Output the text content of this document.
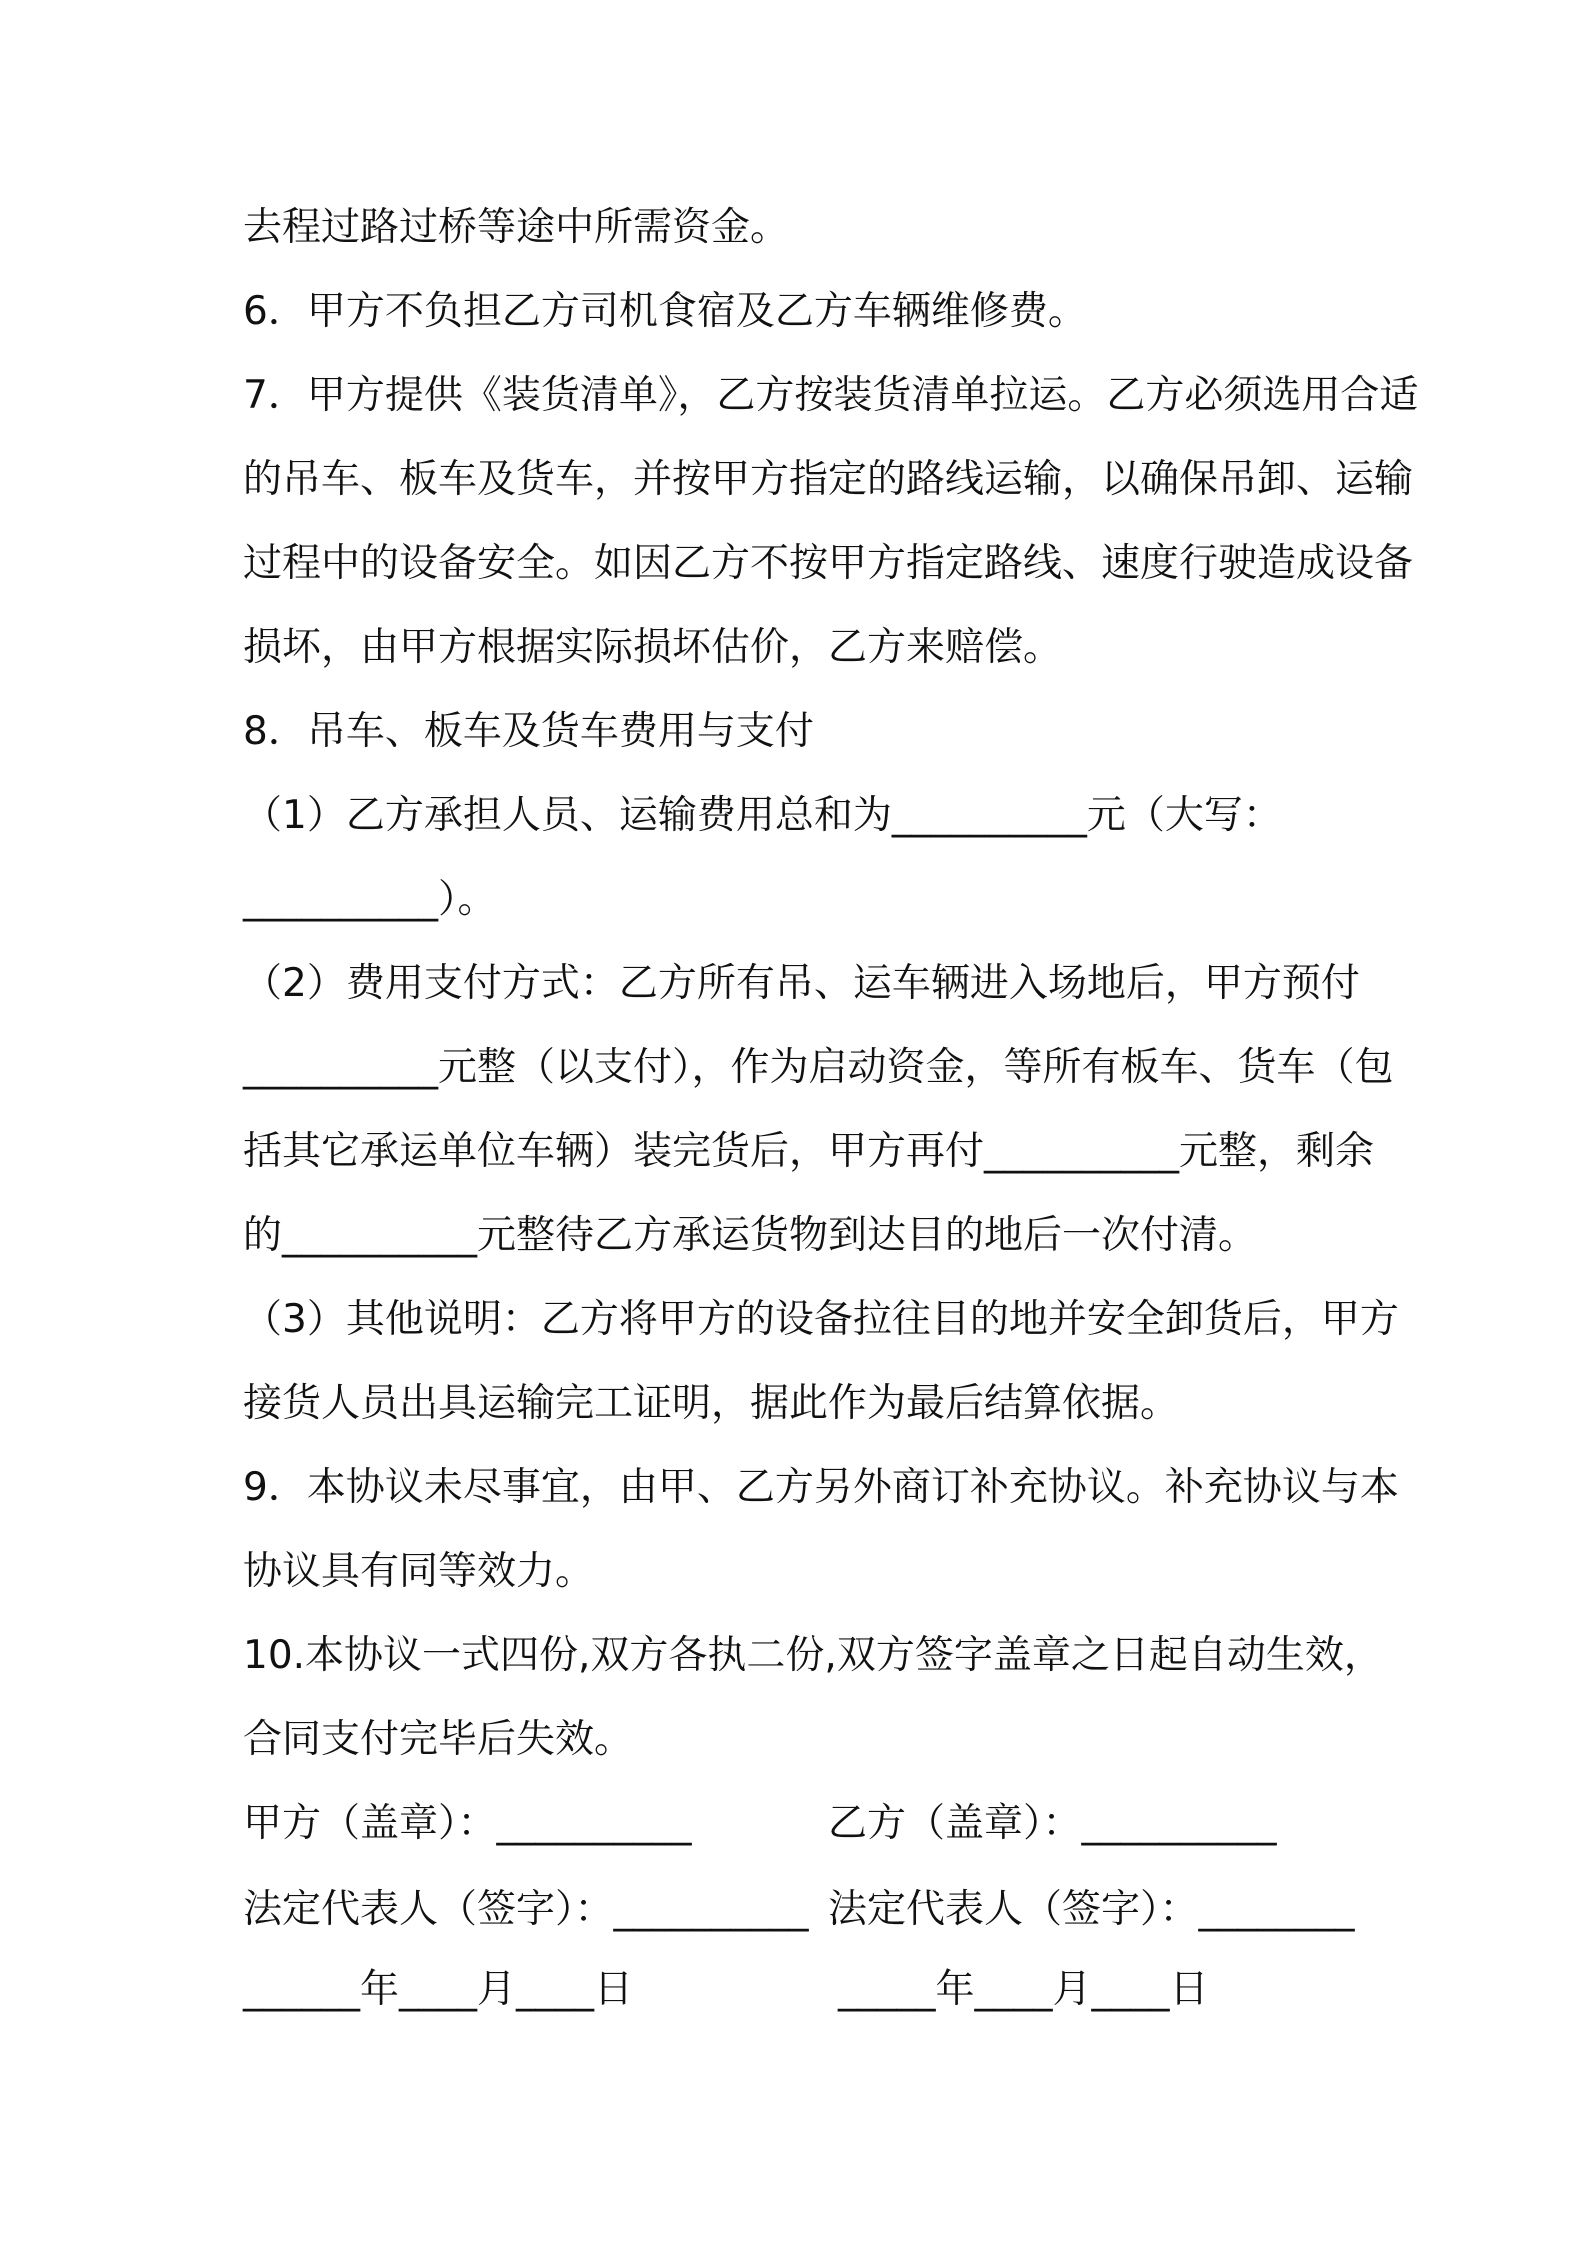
去程过路过桥等途中所需资金。
6．甲方不负担乙方司机食宿及乙方车辆维修费。
7．甲方提供《装货清单》，乙方按装货清单拉运。乙方必须选用合适
的吊车、板车及货车，并按甲方指定的路线运输，以确保吊卸、运输
过程中的设备安全。如因乙方不按甲方指定路线、速度行驶造成设备
损坏，由甲方根据实际损坏估价，乙方来赔偿。
8．吊车、板车及货车费用与支付
（1）乙方承担人员、运输费用总和为__________元（大写：
__________）。
（2）费用支付方式：乙方所有吊、运车辆进入场地后，甲方预付
__________元整（以支付），作为启动资金，等所有板车、货车（包
括其它承运单位车辆）装完货后，甲方再付__________元整，剩余
的__________元整待乙方承运货物到达目的地后一次付清。
（3）其他说明：乙方将甲方的设备拉往目的地并安全卸货后，甲方
接货人员出具运输完工证明，据此作为最后结算依据。
9．本协议未尽事宜，由甲、乙方另外商订补充协议。补充协议与本
协议具有同等效力。
10.本协议一式四份,双方各执二份,双方签字盖章之日起自动生效，
合同支付完毕后失效。
甲方（盖章）：__________	乙方（盖章）：__________
法定代表人（签字）：__________ 法定代表人（签字）：________
______年____月____日	_____年____月____日
